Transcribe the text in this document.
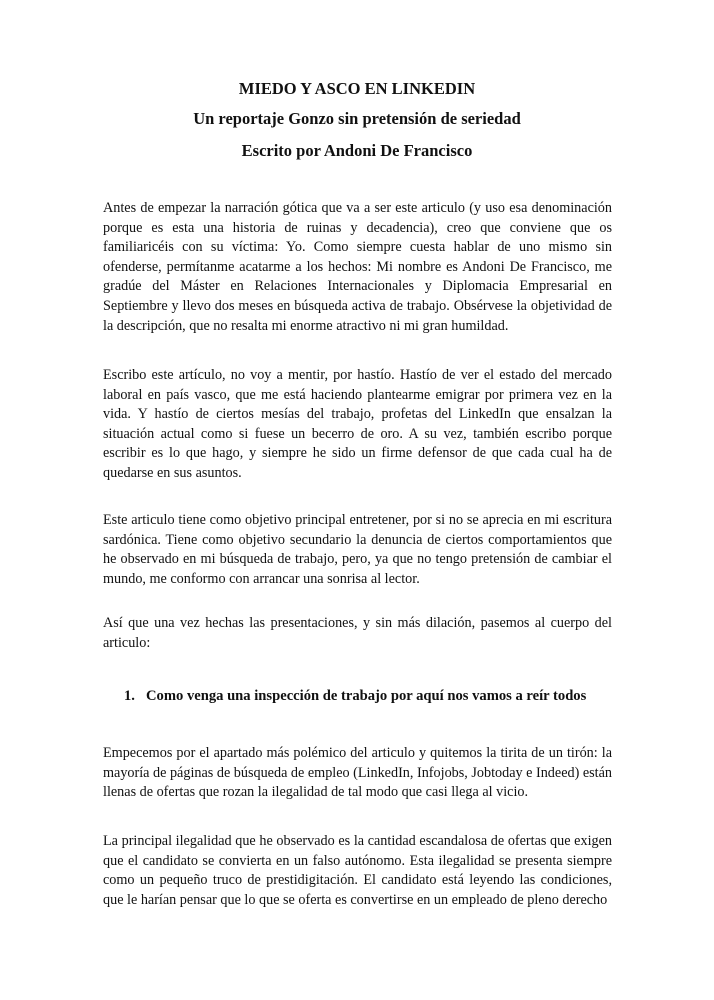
MIEDO Y ASCO EN LINKEDIN
Un reportaje Gonzo sin pretensión de seriedad
Escrito por Andoni De Francisco

Antes de empezar la narración gótica que va a ser este articulo (y uso esa denominación porque es esta una historia de ruinas y decadencia), creo que conviene que os familiaricéis con su víctima: Yo. Como siempre cuesta hablar de uno mismo sin ofenderse, permítanme acatarme a los hechos: Mi nombre es Andoni De Francisco, me gradúe del Máster en Relaciones Internacionales y Diplomacia Empresarial en Septiembre y llevo dos meses en búsqueda activa de trabajo. Obsérvese la objetividad de la descripción, que no resalta mi enorme atractivo ni mi gran humildad.

Escribo este artículo, no voy a mentir, por hastío. Hastío de ver el estado del mercado laboral en país vasco, que me está haciendo plantearme emigrar por primera vez en la vida. Y hastío de ciertos mesías del trabajo, profetas del LinkedIn que ensalzan la situación actual como si fuese un becerro de oro. A su vez, también escribo porque escribir es lo que hago, y siempre he sido un firme defensor de que cada cual ha de quedarse en sus asuntos.

Este articulo tiene como objetivo principal entretener, por si no se aprecia en mi escritura sardónica. Tiene como objetivo secundario la denuncia de ciertos comportamientos que he observado en mi búsqueda de trabajo, pero, ya que no tengo pretensión de cambiar el mundo, me conformo con arrancar una sonrisa al lector.

Así que una vez hechas las presentaciones, y sin más dilación, pasemos al cuerpo del articulo:

1. Como venga una inspección de trabajo por aquí nos vamos a reír todos

Empecemos por el apartado más polémico del articulo y quitemos la tirita de un tirón: la mayoría de páginas de búsqueda de empleo (LinkedIn, Infojobs, Jobtoday e Indeed) están llenas de ofertas que rozan la ilegalidad de tal modo que casi llega al vicio.

La principal ilegalidad que he observado es la cantidad escandalosa de ofertas que exigen que el candidato se convierta en un falso autónomo. Esta ilegalidad se presenta siempre como un pequeño truco de prestidigitación. El candidato está leyendo las condiciones, que le harían pensar que lo que se oferta es convertirse en un empleado de pleno derecho
